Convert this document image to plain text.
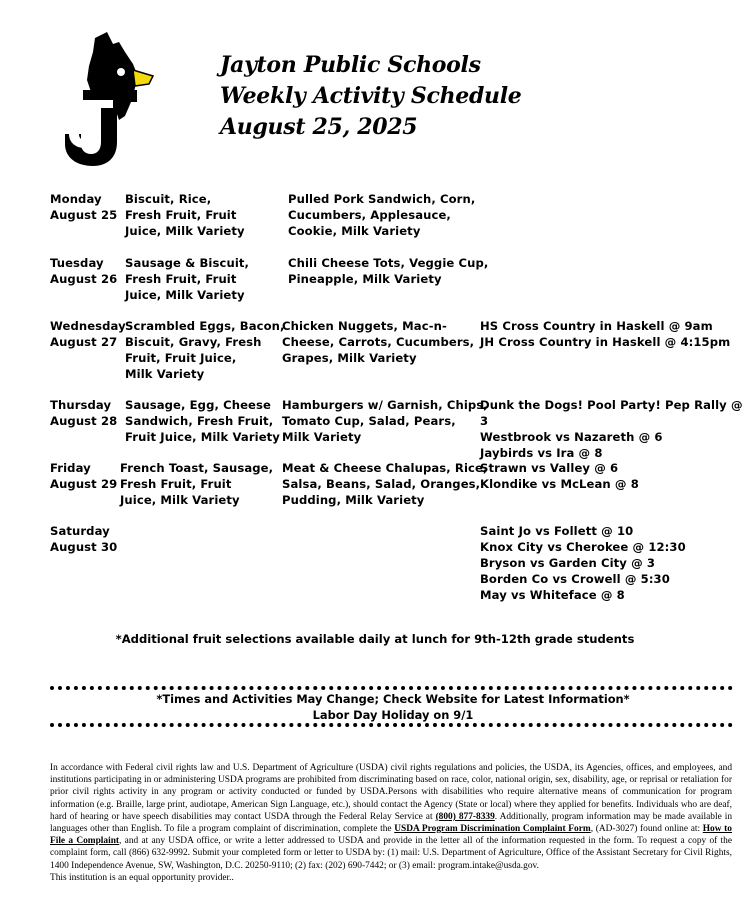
JJ
Jayton Public Schools
Weekly Activity Schedule
August 25, 2025
Monday
August 25
Biscuit, Rice,
Fresh Fruit, Fruit
Juice, Milk Variety
Pulled Pork Sandwich, Corn,
Cucumbers, Applesauce,
Cookie, Milk Variety
Tuesday
August 26
Sausage & Biscuit,
Fresh Fruit, Fruit
Juice, Milk Variety
Chili Cheese Tots, Veggie Cup,
Pineapple, Milk Variety
Wednesday
August 27
Scrambled Eggs, Bacon,
Biscuit, Gravy, Fresh
Fruit, Fruit Juice,
Milk Variety
Chicken Nuggets, Mac-n-
Cheese, Carrots, Cucumbers,
Grapes, Milk Variety
HS Cross Country in Haskell @ 9am
JH Cross Country in Haskell @ 4:15pm
Thursday
August 28
Sausage, Egg, Cheese
Sandwich, Fresh Fruit,
Fruit Juice, Milk Variety
Hamburgers w/ Garnish, Chips,
Tomato Cup, Salad, Pears,
Milk Variety
Dunk the Dogs! Pool Party! Pep Rally @ 3
Westbrook vs Nazareth @ 6
Jaybirds vs Ira @ 8
Friday
August 29
French Toast, Sausage,
Fresh Fruit, Fruit
Juice, Milk Variety
Meat & Cheese Chalupas, Rice,
Salsa, Beans, Salad, Oranges,
Pudding, Milk Variety
Strawn vs Valley @ 6
Klondike vs McLean @ 8
Saturday
August 30
Saint Jo vs Follett @ 10
Knox City vs Cherokee @ 12:30
Bryson vs Garden City @ 3
Borden Co vs Crowell @ 5:30
May vs Whiteface @ 8
*Additional fruit selections available daily at lunch for 9th-12th grade students
*Times and Activities May Change; Check Website for Latest Information*
Labor Day Holiday on 9/1
In accordance with Federal civil rights law and U.S. Department of Agriculture (USDA) civil rights regulations and policies, the USDA, its Agencies, offices, and employees, and institutions participating in or administering USDA programs are prohibited from discriminating based on race, color, national origin, sex, disability, age, or reprisal or retaliation for prior civil rights activity in any program or activity conducted or funded by USDA.Persons with disabilities who require alternative means of communication for program information (e.g. Braille, large print, audiotape, American Sign Language, etc.), should contact the Agency (State or local) where they applied for benefits. Individuals who are deaf, hard of hearing or have speech disabilities may contact USDA through the Federal Relay Service at (800) 877-8339. Additionally, program information may be made available in languages other than English. To file a program complaint of discrimination, complete the USDA Program Discrimination Complaint Form, (AD-3027) found online at: How to File a Complaint, and at any USDA office, or write a letter addressed to USDA and provide in the letter all of the information requested in the form. To request a copy of the complaint form, call (866) 632-9992. Submit your completed form or letter to USDA by: (1) mail: U.S. Department of Agriculture, Office of the Assistant Secretary for Civil Rights, 1400 Independence Avenue, SW, Washington, D.C. 20250-9110; (2) fax: (202) 690-7442; or (3) email: program.intake@usda.gov.
This institution is an equal opportunity provider..
